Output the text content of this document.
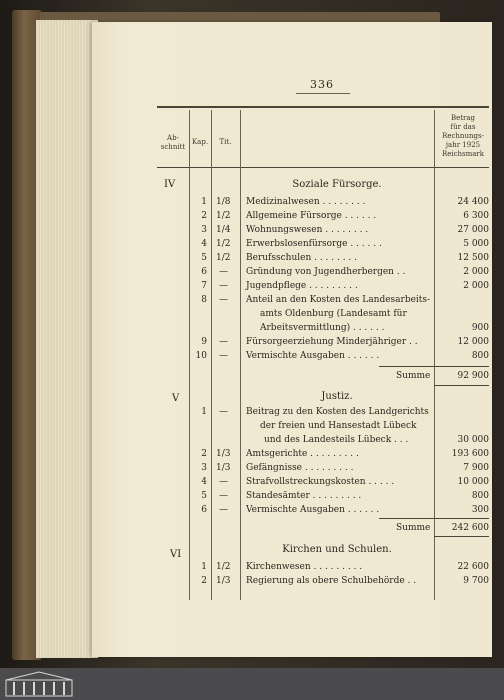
336
Ab-
schnitt
Kap.	Tit.
Betrag
für das
Rechnungs-
jahr 1925
Reichsmark
IV	Soziale Fürsorge.
1 1/8 Medizinalwesen . . . . . . . .	24 400
2 1/2 Allgemeine Fürsorge . . . . . .	6 300
3 1/4 Wohnungswesen . . . . . . . .	27 000
4 1/2 Erwerbslosenfürsorge . . . . . .	5 000
5 1/2 Berufsschulen . . . . . . . .	12 500
6 — Gründung von Jugendherbergen . .	2 000
7 — Jugendpflege . . . . . . . . .	2 000
8 — Anteil an den Kosten des Landesarbeits-
amts Oldenburg (Landesamt für
Arbeitsvermittlung) . . . . . .	900
9 — Fürsorgeerziehung Minderjähriger . .	12 000
10 — Vermischte Ausgaben . . . . . .	800
Summe	92 900
V	Justiz.
1 — Beitrag zu den Kosten des Landgerichts
der freien und Hansestadt Lübeck
und des Landesteils Lübeck . . .	30 000
2 1/3 Amtsgerichte . . . . . . . . .	193 600
3 1/3 Gefängnisse . . . . . . . . .	7 900
4 — Strafvollstreckungskosten . . . . .	10 000
5 — Standesämter . . . . . . . . .	800
6 — Vermischte Ausgaben . . . . . .	300
Summe	242 600
VI	Kirchen und Schulen.
1 1/2 Kirchenwesen . . . . . . . . .	22 600
2 1/3 Regierung als obere Schulbehörde . .	9 700
